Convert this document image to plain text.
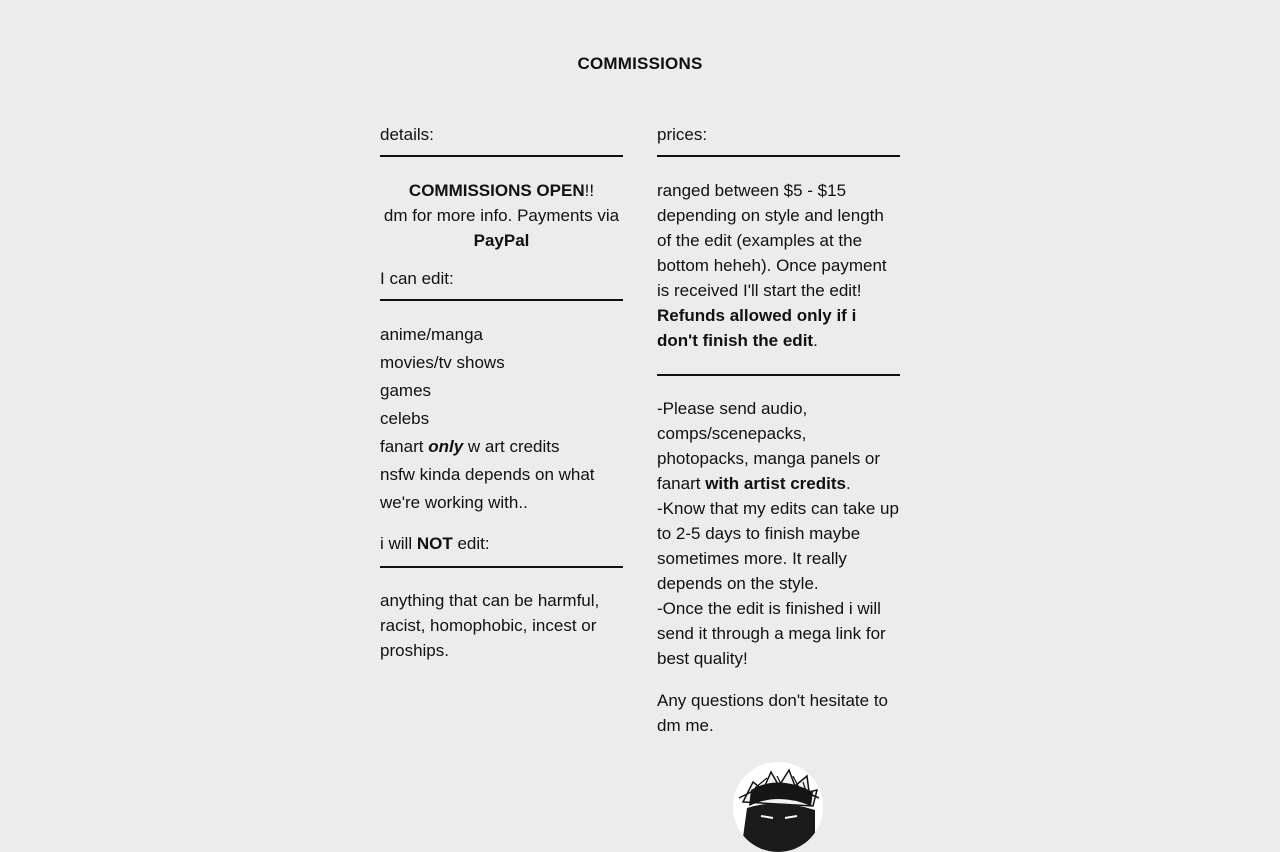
COMMISSIONS
details:

COMMISSIONS OPEN!!
dm for more info. Payments via
PayPal

I can edit:
anime/manga
movies/tv shows
games
celebs
fanart only w art credits
nsfw kinda depends on what we're working with..
i will NOT edit:

anything that can be harmful, racist, homophobic, incest or proships.

prices:

ranged between $5 - $15 depending on style and length of the edit (examples at the bottom heheh). Once payment is received I'll start the edit! Refunds allowed only if i don't finish the edit.

-Please send audio, comps/scenepacks, photopacks, manga panels or fanart with artist credits.

-Know that my edits can take up to 2-5 days to finish maybe sometimes more. It really depends on the style.

-Once the edit is finished i will send it through a mega link for best quality!

Any questions don't hesitate to dm me.
